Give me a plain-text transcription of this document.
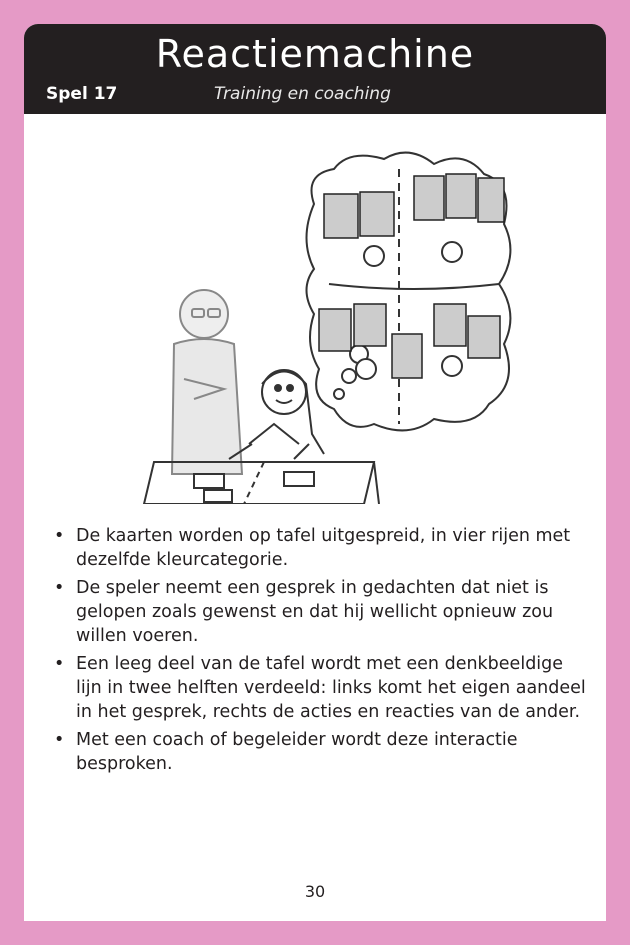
Reactiemachine
Spel 17	Training en coaching
• De kaarten worden op tafel uitgespreid, in vier rijen met dezelfde kleurcategorie.
• De speler neemt een gesprek in gedachten dat niet is gelopen zoals gewenst en dat hij wellicht opnieuw zou willen voeren.
• Een leeg deel van de tafel wordt met een denkbeeldige lijn in twee helften verdeeld: links komt het eigen aandeel in het gesprek, rechts de acties en reacties van de ander.
• Met een coach of begeleider wordt deze interactie besproken.
30
